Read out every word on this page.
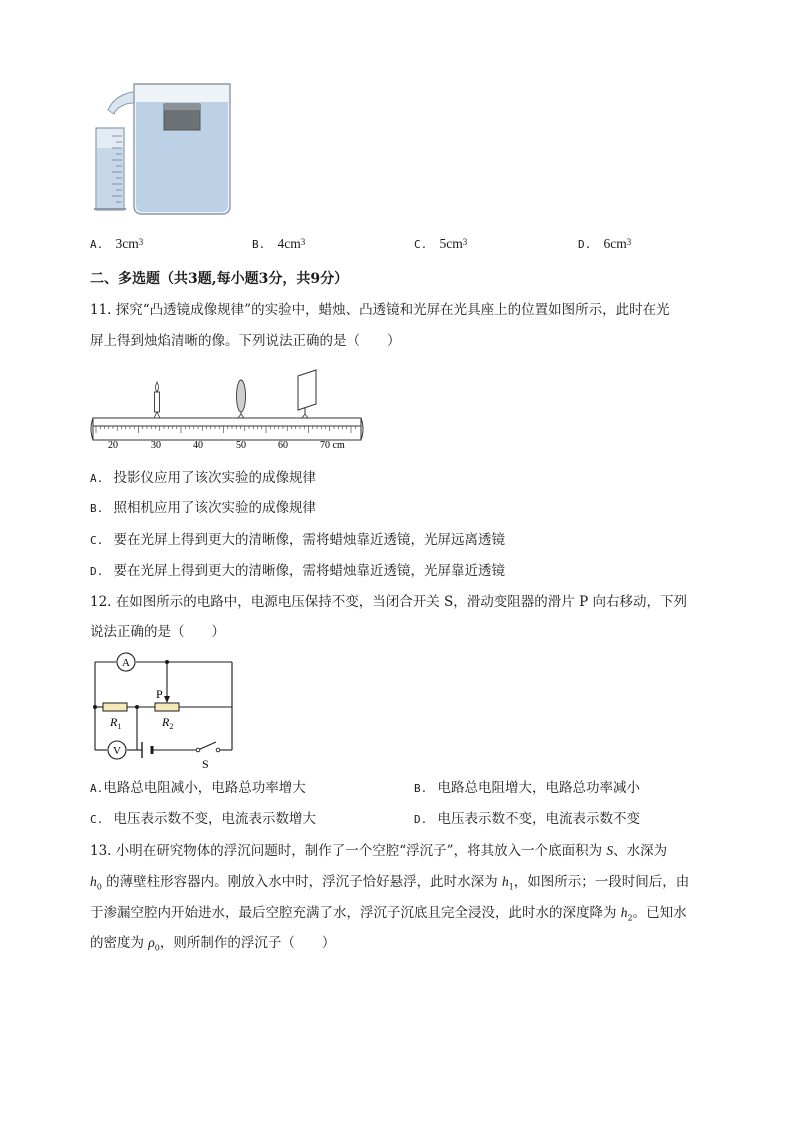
A. $3cm^3$	B. $4cm^3$	C. $5cm^3$	D. $6cm^3$
二、多选题（共3题,每小题3分，共9分）
11. 探究“凸透镜成像规律”的实验中，蜡烛、凸透镜和光屏在光具座上的位置如图所示，此时在光
屏上得到烛焰清晰的像。下列说法正确的是（　　）
20	30	40	50	60	70 cm
A. 投影仪应用了该次实验的成像规律
B. 照相机应用了该次实验的成像规律
C. 要在光屏上得到更大的清晰像，需将蜡烛靠近透镜，光屏远离透镜
D. 要在光屏上得到更大的清晰像，需将蜡烛靠近透镜，光屏靠近透镜
12. 在如图所示的电路中，电源电压保持不变，当闭合开关 S，滑动变阻器的滑片 P 向右移动，下列
说法正确的是（　　）
A
V
P
$R_1$	$R_2$
S
A.电路总电阻减小，电路总功率增大	B. 电路总电阻增大，电路总功率减小
C. 电压表示数不变，电流表示数增大	D. 电压表示数不变，电流表示数不变
13. 小明在研究物体的浮沉问题时，制作了一个空腔“浮沉子”，将其放入一个底面积为 S、水深为
$h_0$ 的薄壁柱形容器内。刚放入水中时，浮沉子恰好悬浮，此时水深为 $h_1$，如图所示；一段时间后，由
于渗漏空腔内开始进水，最后空腔充满了水，浮沉子沉底且完全浸没，此时水的深度降为 $h_2$。已知水
的密度为 $\rho_0$，则所制作的浮沉子（　　）
